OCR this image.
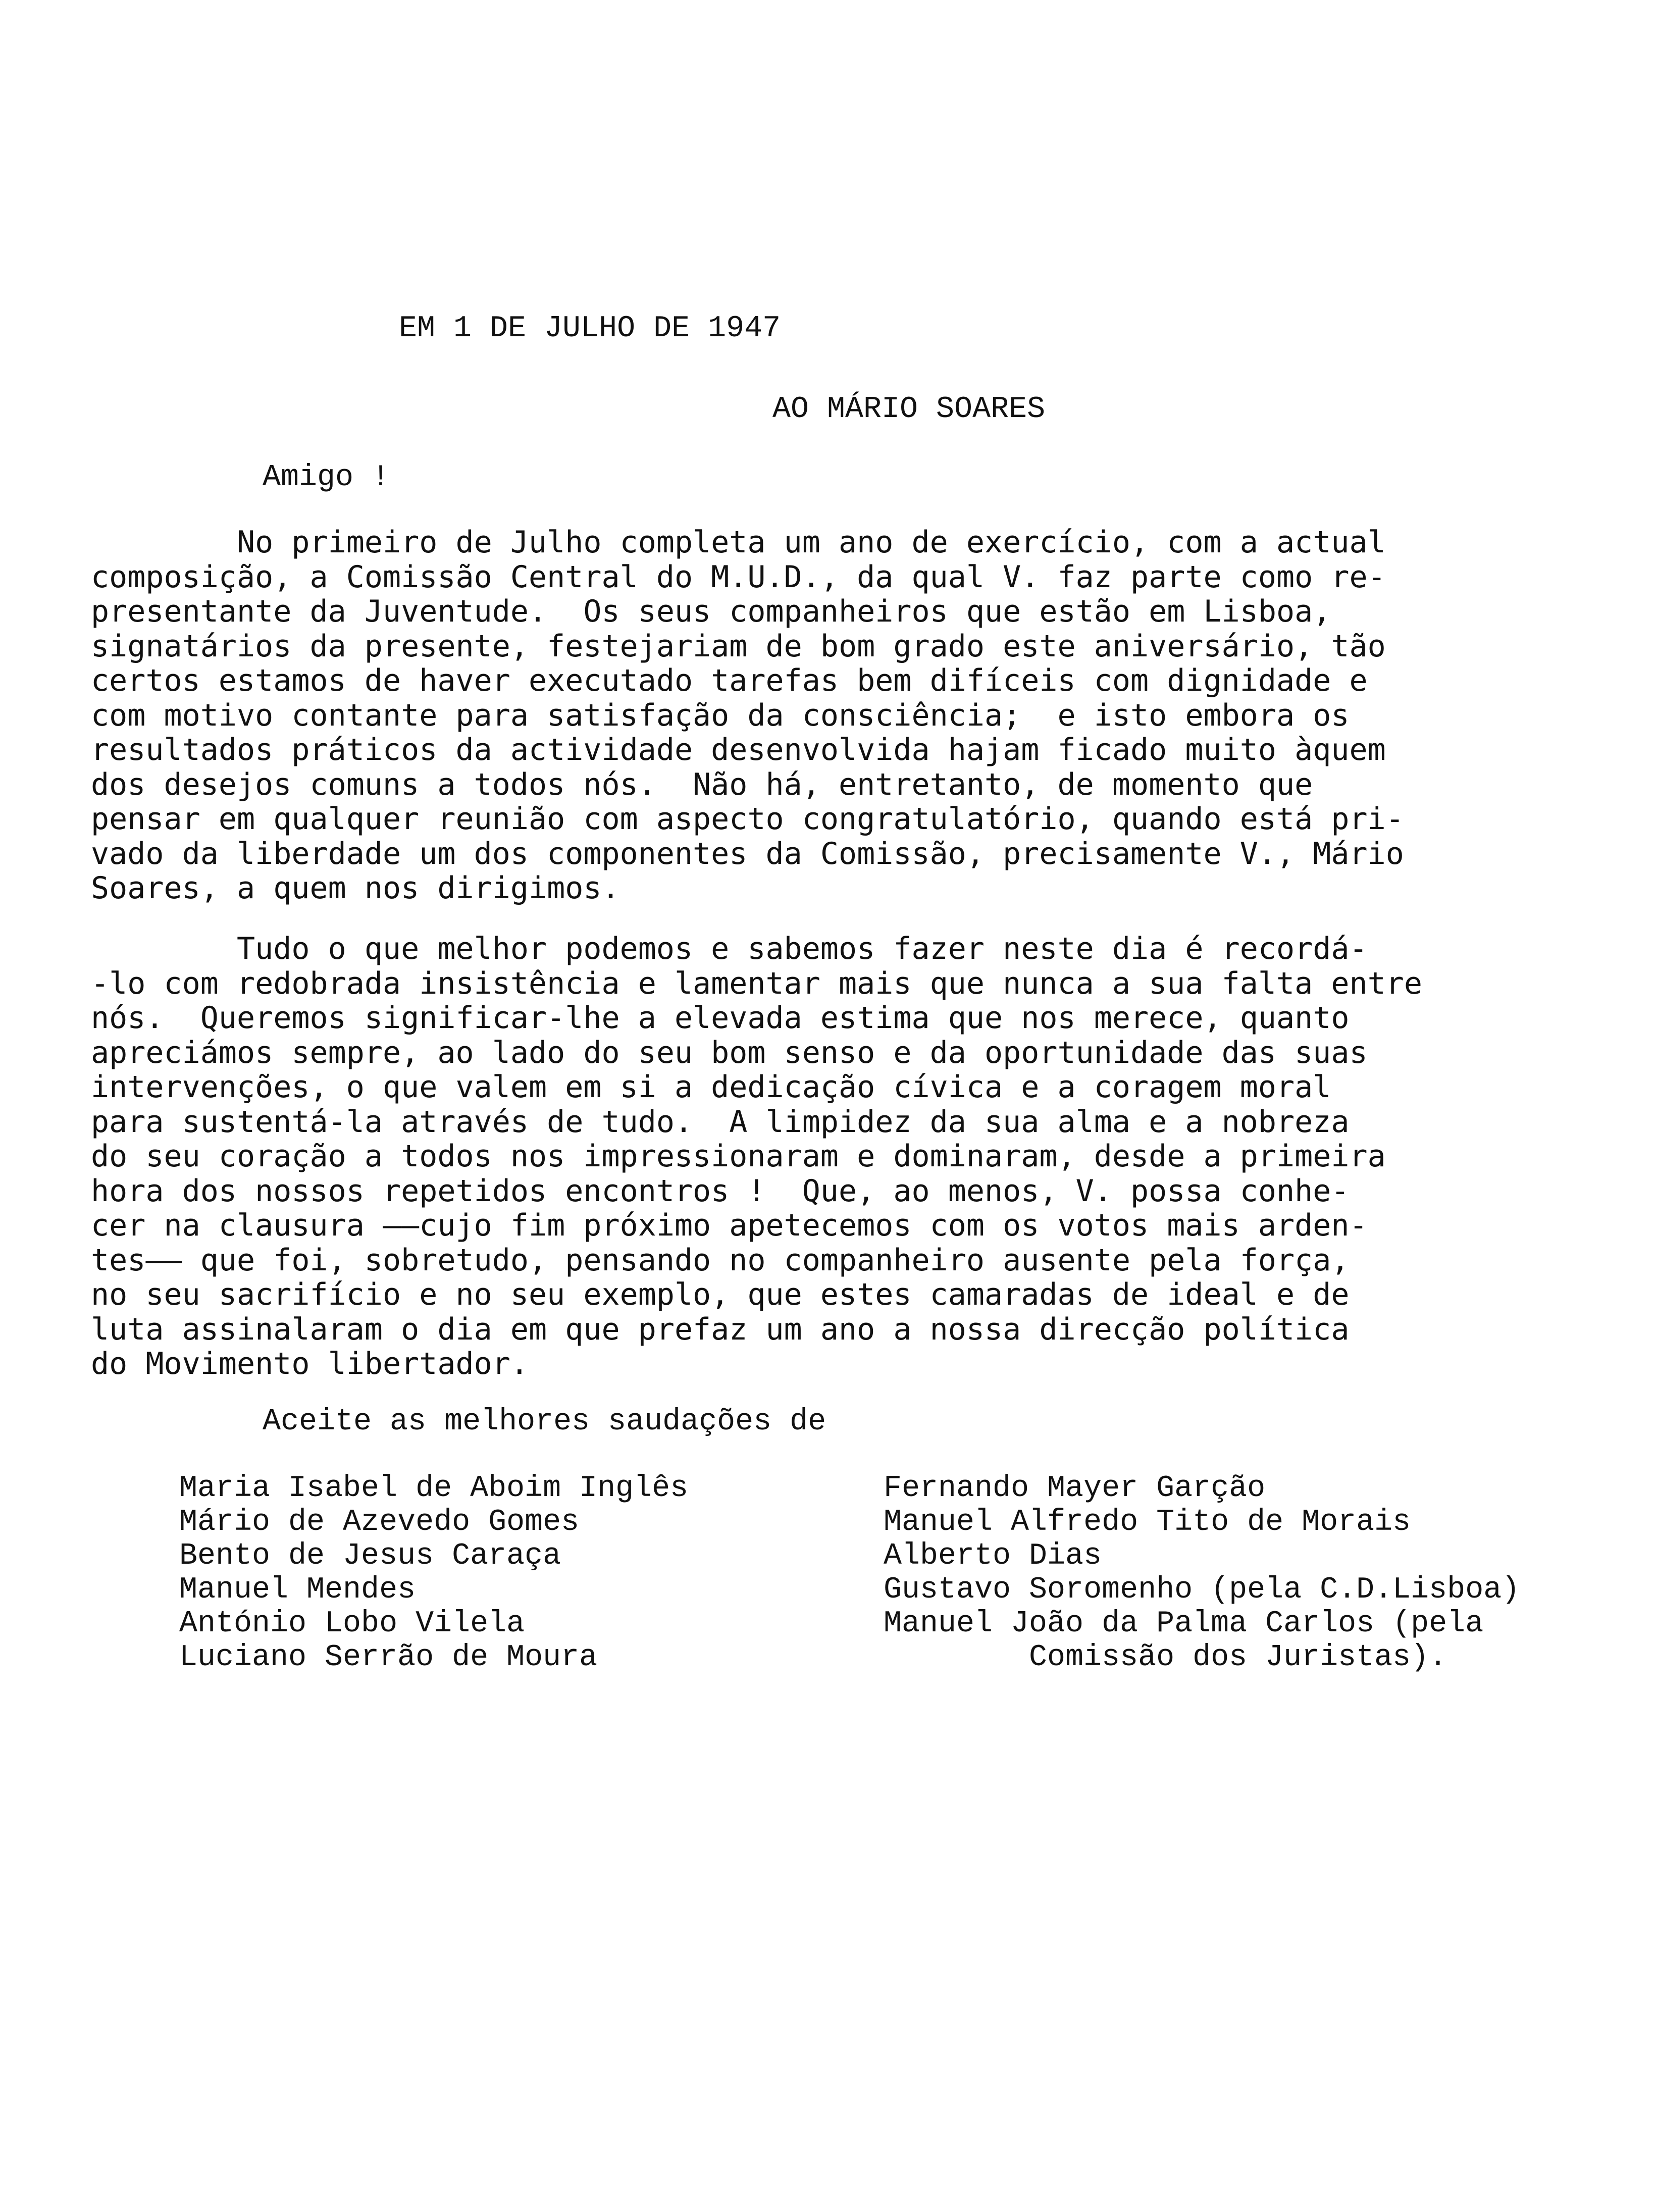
EM 1 DE JULHO DE 1947
AO MÁRIO SOARES
Amigo !
No primeiro de Julho completa um ano de exercício, com a actual
composição, a Comissão Central do M.U.D., da qual V. faz parte como re-
presentante da Juventude.  Os seus companheiros que estão em Lisboa,
signatários da presente, festejariam de bom grado este aniversário, tão
certos estamos de haver executado tarefas bem difíceis com dignidade e
com motivo contante para satisfação da consciência;  e isto embora os
resultados práticos da actividade desenvolvida hajam ficado muito àquem
dos desejos comuns a todos nós.  Não há, entretanto, de momento que
pensar em qualquer reunião com aspecto congratulatório, quando está pri-
vado da liberdade um dos componentes da Comissão, precisamente V., Mário
Soares, a quem nos dirigimos.
Tudo o que melhor podemos e sabemos fazer neste dia é recordá-
-lo com redobrada insistência e lamentar mais que nunca a sua falta entre
nós.  Queremos significar-lhe a elevada estima que nos merece, quanto
apreciámos sempre, ao lado do seu bom senso e da oportunidade das suas
intervenções, o que valem em si a dedicação cívica e a coragem moral
para sustentá-la através de tudo.  A limpidez da sua alma e a nobreza
do seu coração a todos nos impressionaram e dominaram, desde a primeira
hora dos nossos repetidos encontros !  Que, ao menos, V. possa conhe-
cer na clausura ——cujo fim próximo apetecemos com os votos mais arden-
tes—— que foi, sobretudo, pensando no companheiro ausente pela força,
no seu sacrifício e no seu exemplo, que estes camaradas de ideal e de
luta assinalaram o dia em que prefaz um ano a nossa direcção política
do Movimento libertador.
Aceite as melhores saudações de
Maria Isabel de Aboim Inglês
Mário de Azevedo Gomes
Bento de Jesus Caraça
Manuel Mendes
António Lobo Vilela
Luciano Serrão de Moura
Fernando Mayer Garção
Manuel Alfredo Tito de Morais
Alberto Dias
Gustavo Soromenho (pela C.D.Lisboa)
Manuel João da Palma Carlos (pela
Comissão dos Juristas).
